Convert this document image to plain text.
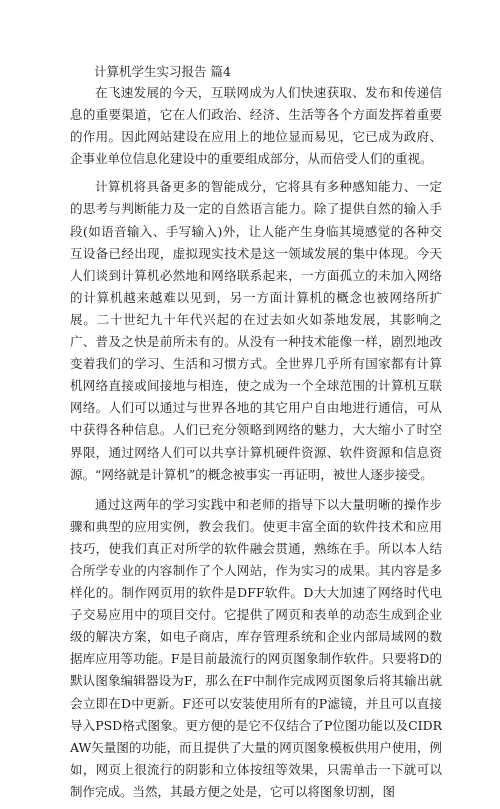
计算机学生实习报告 篇4

在飞速发展的今天，互联网成为人们快速获取、发布和传递信息的重要渠道，它在人们政治、经济、生活等各个方面发挥着重要的作用。因此网站建设在应用上的地位显而易见，它已成为政府、企事业单位信息化建设中的重要组成部分，从而倍受人们的重视。

计算机将具备更多的智能成分，它将具有多种感知能力、一定的思考与判断能力及一定的自然语言能力。除了提供自然的输入手段(如语音输入、手写输入)外，让人能产生身临其境感觉的各种交互设备已经出现，虚拟现实技术是这一领域发展的集中体现。今天人们谈到计算机必然地和网络联系起来，一方面孤立的未加入网络的计算机越来越难以见到，另一方面计算机的概念也被网络所扩展。二十世纪九十年代兴起的在过去如火如荼地发展，其影响之广、普及之快是前所未有的。从没有一种技术能像一样，剧烈地改变着我们的学习、生活和习惯方式。全世界几乎所有国家都有计算机网络直接或间接地与相连，使之成为一个全球范围的计算机互联网络。人们可以通过与世界各地的其它用户自由地进行通信，可从中获得各种信息。人们已充分领略到网络的魅力，大大缩小了时空界限，通过网络人们可以共享计算机硬件资源、软件资源和信息资源。“网络就是计算机”的概念被事实一再证明，被世人逐步接受。

通过这两年的学习实践中和老师的指导下以大量明晰的操作步骤和典型的应用实例，教会我们。使更丰富全面的软件技术和应用技巧，使我们真正对所学的软件融会贯通，熟练在手。所以本人结合所学专业的内容制作了个人网站，作为实习的成果。其内容是多样化的。制作网页用的软件是DFF软件。D大大加速了网络时代电子交易应用中的项目交付。它提供了网页和表单的动态生成到企业级的解决方案，如电子商店，库存管理系统和企业内部局域网的数据库应用等功能。F是目前最流行的网页图象制作软件。只要将D的默认图象编辑器设为F，那么在F中制作完成网页图象后将其输出就会立即在D中更新。F还可以安装使用所有的P滤镜，并且可以直接导入PSD格式图象。更方便的是它不仅结合了P位图功能以及CIDRAW矢量图的功能，而且提供了大量的网页图象模板供用户使用，例如，网页上很流行的阴影和立体按纽等效果，只需单击一下就可以制作完成。当然，其最方便之处是，它可以将图象切割，图
